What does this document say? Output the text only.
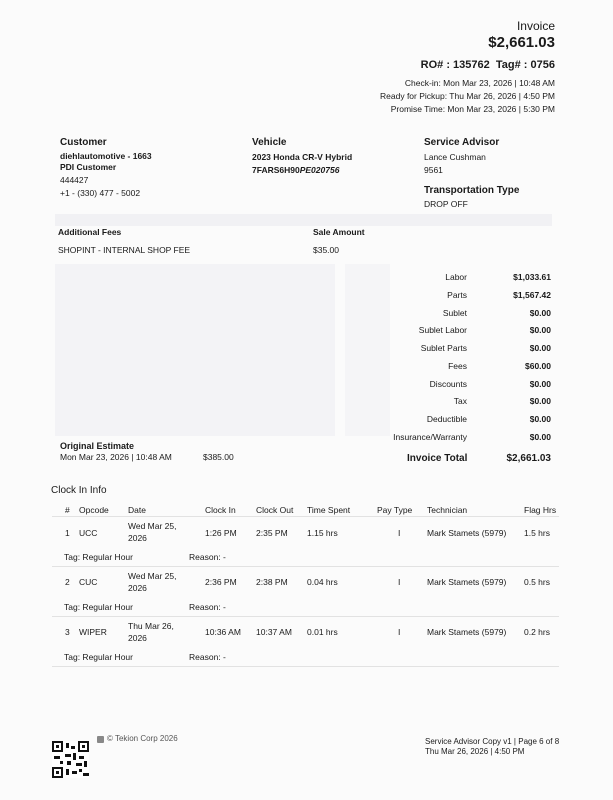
Invoice
$2,661.03
RO# : 135762 Tag# : 0756
Check-in: Mon Mar 23, 2026 | 10:48 AM
Ready for Pickup: Thu Mar 26, 2026 | 4:50 PM
Promise Time: Mon Mar 23, 2026 | 5:30 PM
Customer
diehlautomotive - 1663
PDI Customer
444427
+1 - (330) 477 - 5002
Vehicle
2023 Honda CR-V Hybrid
7FARS6H90PE020756
Service Advisor
Lance Cushman
9561
Transportation Type
DROP OFF
Additional Fees	Sale Amount
SHOPINT - INTERNAL SHOP FEE	$35.00
Labor	$1,033.61
Parts	$1,567.42
Sublet	$0.00
Sublet Labor	$0.00
Sublet Parts	$0.00
Fees	$60.00
Discounts	$0.00
Tax	$0.00
Deductible	$0.00
Insurance/Warranty	$0.00
Invoice Total	$2,661.03
Original Estimate
Mon Mar 23, 2026 | 10:48 AM	$385.00
Clock In Info
# Opcode Date	Clock In Clock Out Time Spent	Pay Type Technician	Flag Hrs
1 UCC
Wed Mar 25,
2026	1:26 PM 2:35 PM 1.15 hrs	I	Mark Stamets (5979) 1.5 hrs
Tag: Regular Hour	Reason: -
2 CUC
Wed Mar 25,
2026
2:36 PM 2:38 PM 0.04 hrs	I	Mark Stamets (5979) 0.5 hrs
Tag: Regular Hour	Reason: -
3 WIPER
Thu Mar 26,
2026
10:36 AM 10:37 AM 0.01 hrs	I	Mark Stamets (5979) 0.2 hrs
Tag: Regular Hour	Reason: -
© Tekion Corp 2026	Service Advisor Copy v1 | Page 6 of 8
Thu Mar 26, 2026 | 4:50 PM
